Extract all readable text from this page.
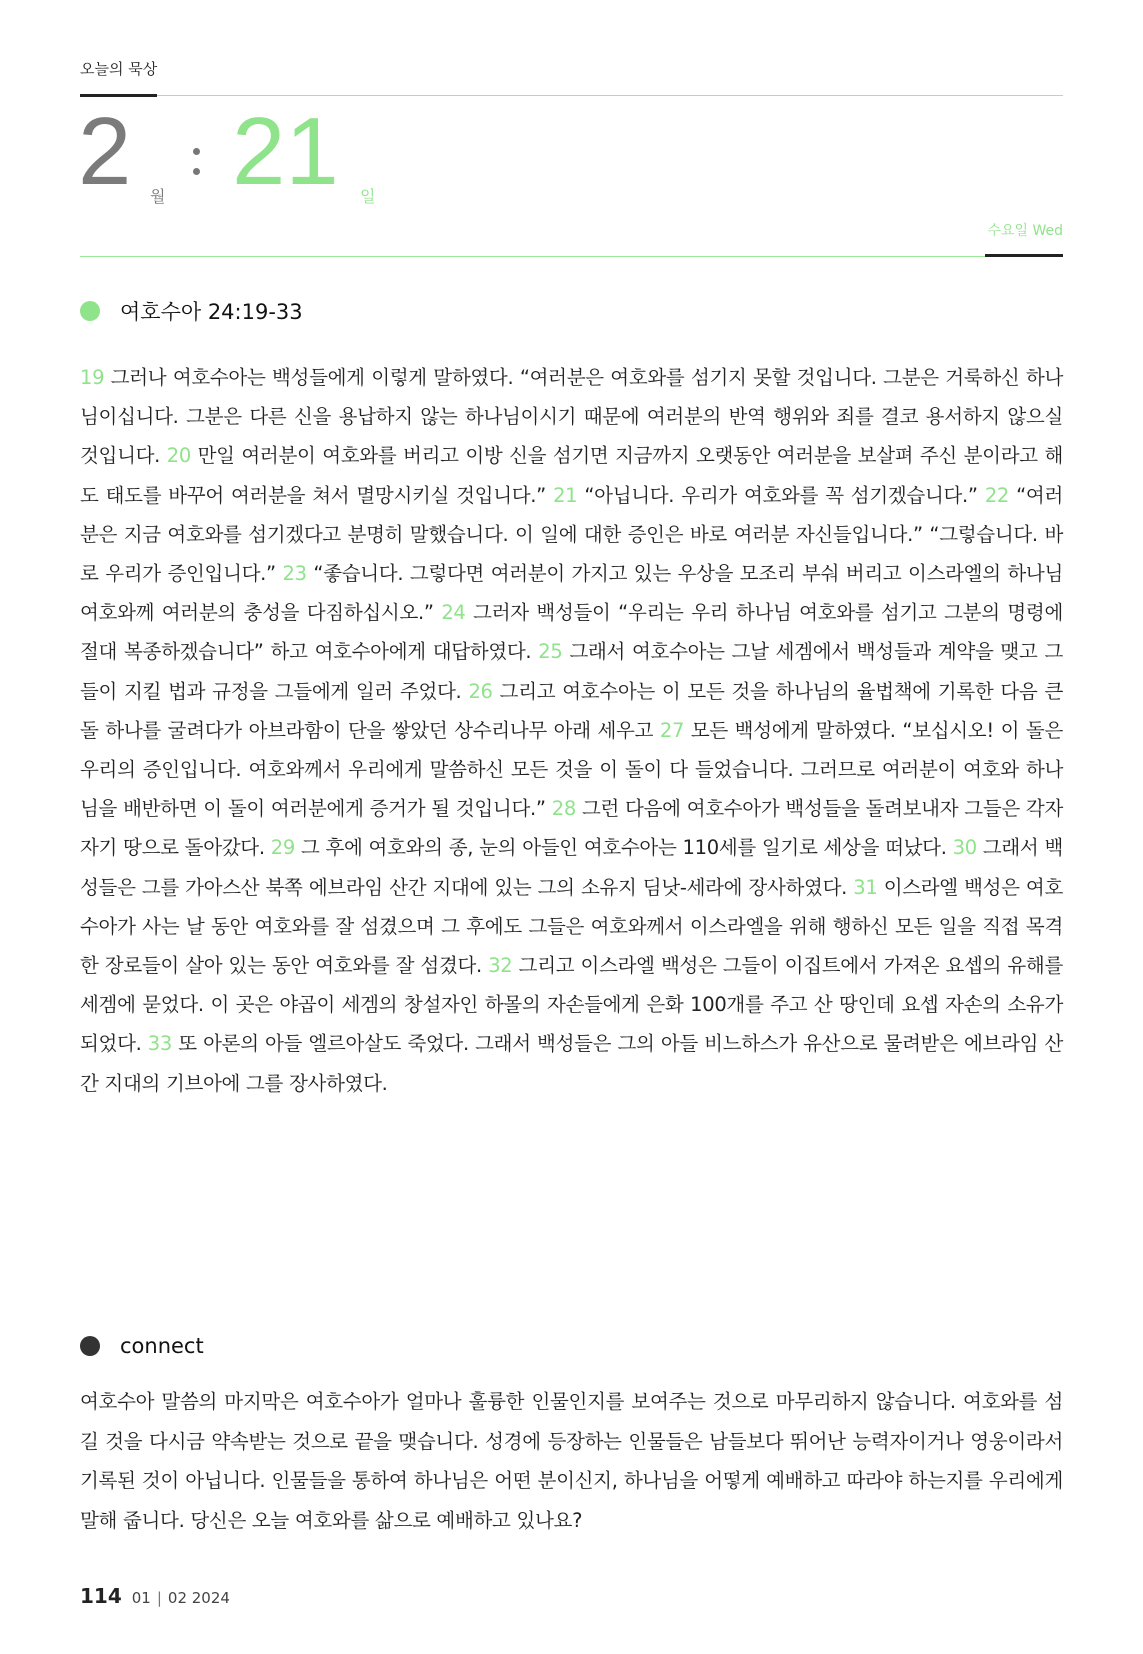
오늘의 묵상
2 월 21 일
수요일 Wed
여호수아 24:19-33
19 그러나 여호수아는 백성들에게 이렇게 말하였다. “여러분은 여호와를 섬기지 못할 것입니다. 그분은 거룩하신 하나님이십니다. 그분은 다른 신을 용납하지 않는 하나님이시기 때문에 여러분의 반역 행위와 죄를 결코 용서하지 않으실 것입니다. 20 만일 여러분이 여호와를 버리고 이방 신을 섬기면 지금까지 오랫동안 여러분을 보살펴 주신 분이라고 해도 태도를 바꾸어 여러분을 쳐서 멸망시키실 것입니다.” 21 “아닙니다. 우리가 여호와를 꼭 섬기겠습니다.” 22 “여러분은 지금 여호와를 섬기겠다고 분명히 말했습니다. 이 일에 대한 증인은 바로 여러분 자신들입니다.” “그렇습니다. 바로 우리가 증인입니다.” 23 “좋습니다. 그렇다면 여러분이 가지고 있는 우상을 모조리 부숴 버리고 이스라엘의 하나님 여호와께 여러분의 충성을 다짐하십시오.” 24 그러자 백성들이 “우리는 우리 하나님 여호와를 섬기고 그분의 명령에 절대 복종하겠습니다” 하고 여호수아에게 대답하였다. 25 그래서 여호수아는 그날 세겜에서 백성들과 계약을 맺고 그들이 지킬 법과 규정을 그들에게 일러 주었다. 26 그리고 여호수아는 이 모든 것을 하나님의 율법책에 기록한 다음 큰 돌 하나를 굴려다가 아브라함이 단을 쌓았던 상수리나무 아래 세우고 27 모든 백성에게 말하였다. “보십시오! 이 돌은 우리의 증인입니다. 여호와께서 우리에게 말씀하신 모든 것을 이 돌이 다 들었습니다. 그러므로 여러분이 여호와 하나님을 배반하면 이 돌이 여러분에게 증거가 될 것입니다.” 28 그런 다음에 여호수아가 백성들을 돌려보내자 그들은 각자 자기 땅으로 돌아갔다. 29 그 후에 여호와의 종, 눈의 아들인 여호수아는 110세를 일기로 세상을 떠났다. 30 그래서 백성들은 그를 가아스산 북쪽 에브라임 산간 지대에 있는 그의 소유지 딤낫-세라에 장사하였다. 31 이스라엘 백성은 여호수아가 사는 날 동안 여호와를 잘 섬겼으며 그 후에도 그들은 여호와께서 이스라엘을 위해 행하신 모든 일을 직접 목격한 장로들이 살아 있는 동안 여호와를 잘 섬겼다. 32 그리고 이스라엘 백성은 그들이 이집트에서 가져온 요셉의 유해를 세겜에 묻었다. 이 곳은 야곱이 세겜의 창설자인 하몰의 자손들에게 은화 100개를 주고 산 땅인데 요셉 자손의 소유가 되었다. 33 또 아론의 아들 엘르아살도 죽었다. 그래서 백성들은 그의 아들 비느하스가 유산으로 물려받은 에브라임 산간 지대의 기브아에 그를 장사하였다.
connect
여호수아 말씀의 마지막은 여호수아가 얼마나 훌륭한 인물인지를 보여주는 것으로 마무리하지 않습니다. 여호와를 섬길 것을 다시금 약속받는 것으로 끝을 맺습니다. 성경에 등장하는 인물들은 남들보다 뛰어난 능력자이거나 영웅이라서 기록된 것이 아닙니다. 인물들을 통하여 하나님은 어떤 분이신지, 하나님을 어떻게 예배하고 따라야 하는지를 우리에게 말해 줍니다. 당신은 오늘 여호와를 삶으로 예배하고 있나요?
114 01 | 02 2024
